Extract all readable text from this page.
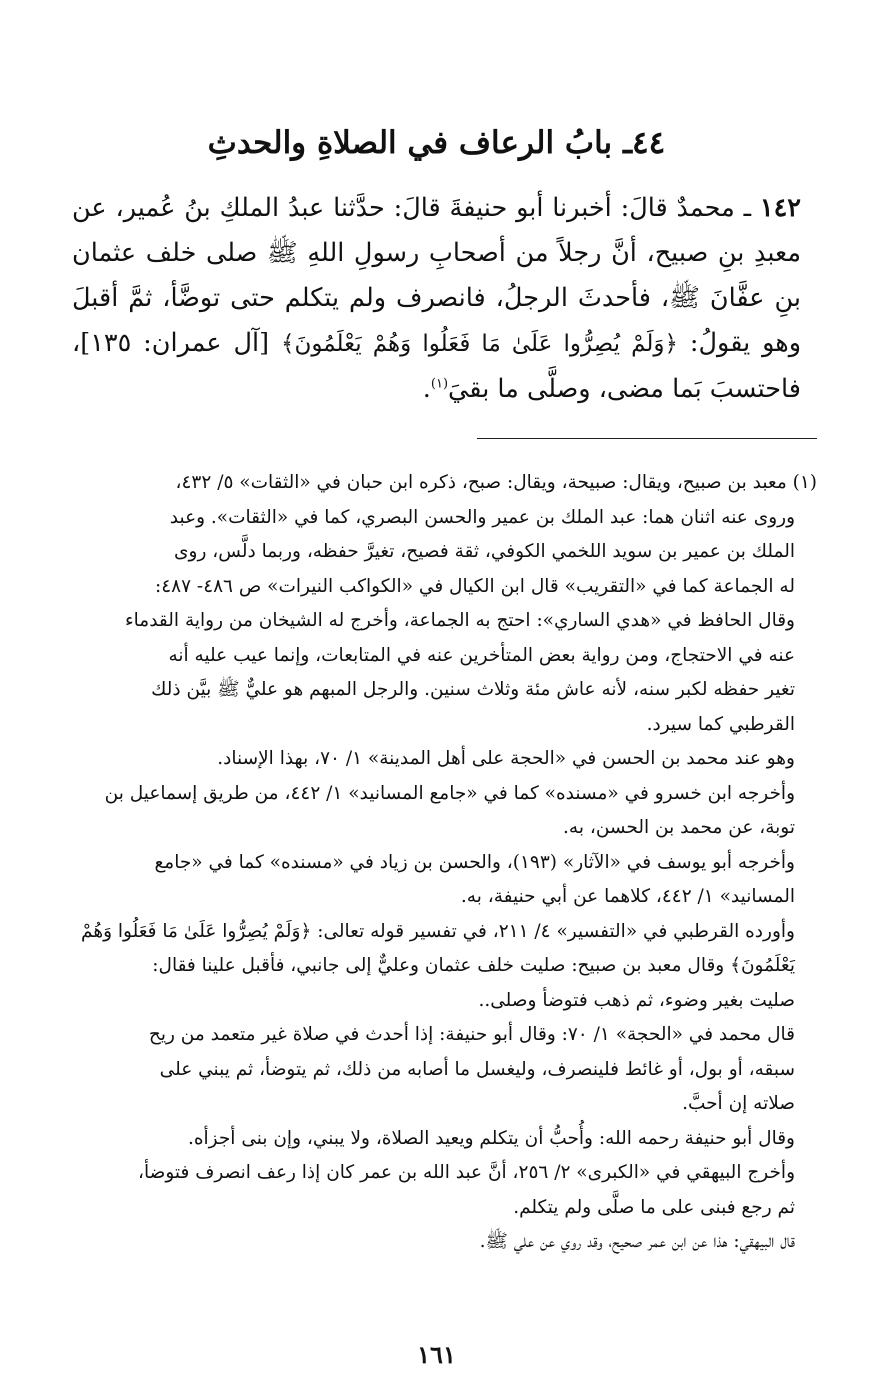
٤٤ـ بابُ الرعاف في الصلاةِ والحدثِ

١٤٢ ـ محمدٌ قالَ: أخبرنا أبو حنيفةَ قالَ: حدَّثنا عبدُ الملكِ بنُ عُمير، عن معبدِ بنِ صبيح، أنَّ رجلاً من أصحابِ رسولِ اللهِ ﷺ صلى خلف عثمان بنِ عفَّانَ ﷺ، فأحدثَ الرجلُ، فانصرف ولم يتكلم حتى توضَّأ، ثمَّ أقبلَ وهو يقولُ: ﴿وَلَمْ يُصِرُّوا عَلَىٰ مَا فَعَلُوا وَهُمْ يَعْلَمُونَ﴾ [آل عمران: ١٣٥]، فاحتسبَ بَما مضى، وصلَّى ما بقيَ$^{(١)}$.

(١) معبد بن صبيح، ويقال: صبيحة، ويقال: صبح، ذكره ابن حبان في «الثقات» ٥/ ٤٣٢،

وروى عنه اثنان هما: عبد الملك بن عمير والحسن البصري، كما في «الثقات». وعبد

الملك بن عمير بن سويد اللخمي الكوفي، ثقة فصيح، تغيرَّ حفظه، وربما دلَّس، روى

له الجماعة كما في «التقريب» قال ابن الكيال في «الكواكب النيرات» ص ٤٨٦- ٤٨٧:

وقال الحافظ في «هدي الساري»: احتج به الجماعة، وأخرج له الشيخان من رواية القدماء

عنه في الاحتجاج، ومن رواية بعض المتأخرين عنه في المتابعات، وإنما عيب عليه أنه

تغير حفظه لكبر سنه، لأنه عاش مئة وثلاث سنين. والرجل المبهم هو عليٌّ ﷺ بيَّن ذلك

القرطبي كما سيرد.

وهو عند محمد بن الحسن في «الحجة على أهل المدينة» ١/ ٧٠، بهذا الإسناد.

وأخرجه ابن خسرو في «مسنده» كما في «جامع المسانيد» ١/ ٤٤٢، من طريق إسماعيل بن

توبة، عن محمد بن الحسن، به.

وأخرجه أبو يوسف في «الآثار» (١٩٣)، والحسن بن زياد في «مسنده» كما في «جامع

المسانيد» ١/ ٤٤٢، كلاهما عن أبي حنيفة، به.

وأورده القرطبي في «التفسير» ٤/ ٢١١، في تفسير قوله تعالى: ﴿وَلَمْ يُصِرُّوا عَلَىٰ مَا فَعَلُوا وَهُمْ

يَعْلَمُونَ﴾ وقال معبد بن صبيح: صليت خلف عثمان وعليٌّ إلى جانبي، فأقبل علينا فقال:

صليت بغير وضوء، ثم ذهب فتوضأ وصلى..

قال محمد في «الحجة» ١/ ٧٠: وقال أبو حنيفة: إذا أحدث في صلاة غير متعمد من ريح

سبقه، أو بول، أو غائط فلينصرف، وليغسل ما أصابه من ذلك، ثم يتوضأ، ثم يبني على

صلاته إن أحبَّ.

وقال أبو حنيفة رحمه الله: وأُحبُّ أن يتكلم ويعيد الصلاة، ولا يبني، وإن بنى أجزأه.

وأخرج البيهقي في «الكبرى» ٢/ ٢٥٦، أنَّ عبد الله بن عمر كان إذا رعف انصرف فتوضأ،

ثم رجع فبنى على ما صلَّى ولم يتكلم.

قال البيهقي: هذا عن ابن عمر صحيح، وقد روي عن علي ﷺ.

١٦١
